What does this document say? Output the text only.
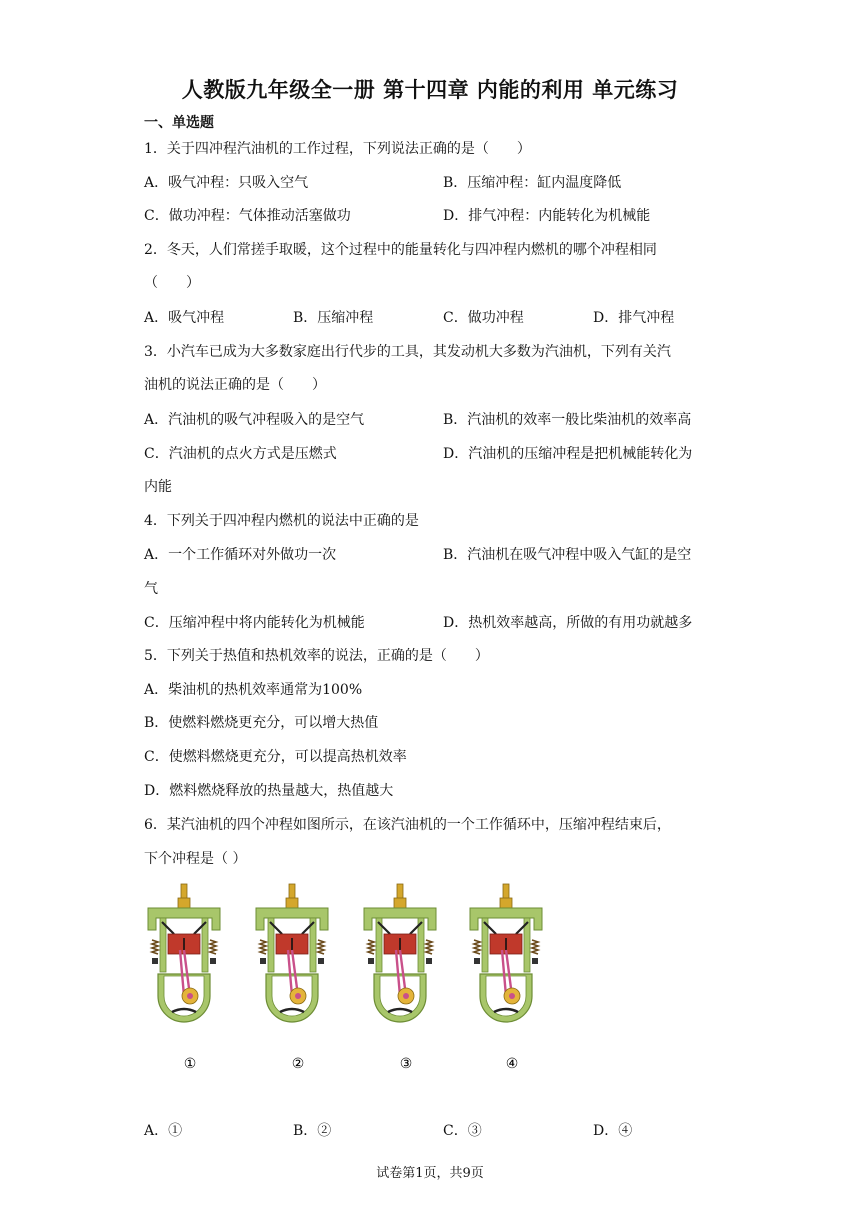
人教版九年级全一册 第十四章 内能的利用 单元练习
一、单选题
1．关于四冲程汽油机的工作过程，下列说法正确的是（　　）
A．吸气冲程：只吸入空气	B．压缩冲程：缸内温度降低
C．做功冲程：气体推动活塞做功	D．排气冲程：内能转化为机械能
2．冬天，人们常搓手取暖，这个过程中的能量转化与四冲程内燃机的哪个冲程相同
（　　）
A．吸气冲程	B．压缩冲程	C．做功冲程	D．排气冲程
3．小汽车已成为大多数家庭出行代步的工具，其发动机大多数为汽油机，下列有关汽
油机的说法正确的是（　　）
A．汽油机的吸气冲程吸入的是空气	B．汽油机的效率一般比柴油机的效率高
C．汽油机的点火方式是压燃式	D．汽油机的压缩冲程是把机械能转化为
内能
4．下列关于四冲程内燃机的说法中正确的是
A．一个工作循环对外做功一次	B．汽油机在吸气冲程中吸入气缸的是空
气
C．压缩冲程中将内能转化为机械能	D．热机效率越高，所做的有用功就越多
5．下列关于热值和热机效率的说法，正确的是（　　）
A．柴油机的热机效率通常为100%
B．使燃料燃烧更充分，可以增大热值
C．使燃料燃烧更充分，可以提高热机效率
D．燃料燃烧释放的热量越大，热值越大
6．某汽油机的四个冲程如图所示，在该汽油机的一个工作循环中，压缩冲程结束后，
下个冲程是（ ）
①	②	③	④
A．①	B．②	C．③	D．④
试卷第1页，共9页
